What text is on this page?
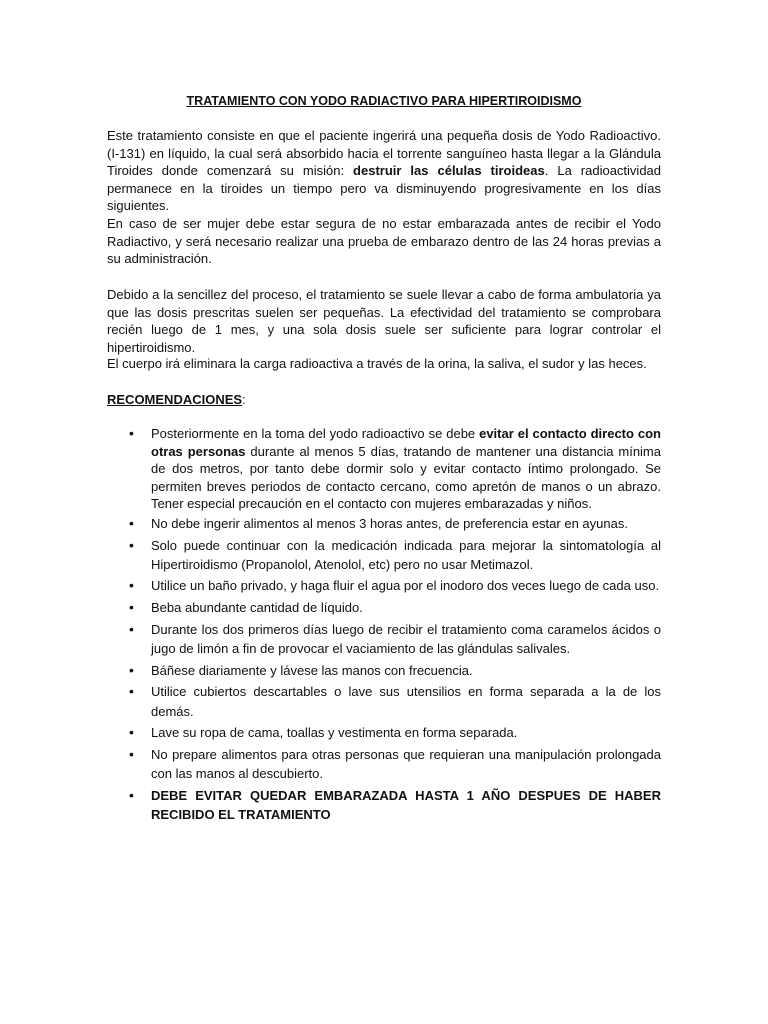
TRATAMIENTO CON YODO RADIACTIVO PARA HIPERTIROIDISMO

Este tratamiento consiste en que el paciente ingerirá una pequeña dosis de Yodo Radioactivo. (I-131) en líquido, la cual será absorbido hacia el torrente sanguíneo hasta llegar a la Glándula Tiroides donde comenzará su misión: destruir las células tiroideas. La radioactividad permanece en la tiroides un tiempo pero va disminuyendo progresivamente en los días siguientes.

En caso de ser mujer debe estar segura de no estar embarazada antes de recibir el Yodo Radiactivo, y será necesario realizar una prueba de embarazo dentro de las 24 horas previas a su administración.

Debido a la sencillez del proceso, el tratamiento se suele llevar a cabo de forma ambulatoria ya que las dosis prescritas suelen ser pequeñas. La efectividad del tratamiento se comprobara recién luego de 1 mes, y una sola dosis suele ser suficiente para lograr controlar el hipertiroidismo.

El cuerpo irá eliminara la carga radioactiva a través de la orina, la saliva, el sudor y las heces.

RECOMENDACIONES:
• Posteriormente en la toma del yodo radioactivo se debe evitar el contacto directo con otras personas durante al menos 5 días, tratando de mantener una distancia mínima de dos metros, por tanto debe dormir solo y evitar contacto íntimo prolongado. Se permiten breves periodos de contacto cercano, como apretón de manos o un abrazo. Tener especial precaución en el contacto con mujeres embarazadas y niños.
• No debe ingerir alimentos al menos 3 horas antes, de preferencia estar en ayunas.
• Solo puede continuar con la medicación indicada para mejorar la sintomatología al Hipertiroidismo (Propanolol, Atenolol, etc) pero no usar Metimazol.
• Utilice un baño privado, y haga fluir el agua por el inodoro dos veces luego de cada uso.
• Beba abundante cantidad de líquido.
• Durante los dos primeros días luego de recibir el tratamiento coma caramelos ácidos o jugo de limón a fin de provocar el vaciamiento de las glándulas salivales.
• Báñese diariamente y lávese las manos con frecuencia.
• Utilice cubiertos descartables o lave sus utensilios en forma separada a la de los demás.
• Lave su ropa de cama, toallas y vestimenta en forma separada.
• No prepare alimentos para otras personas que requieran una manipulación prolongada con las manos al descubierto.
• DEBE EVITAR QUEDAR EMBARAZADA HASTA 1 AÑO DESPUES DE HABER RECIBIDO EL TRATAMIENTO
